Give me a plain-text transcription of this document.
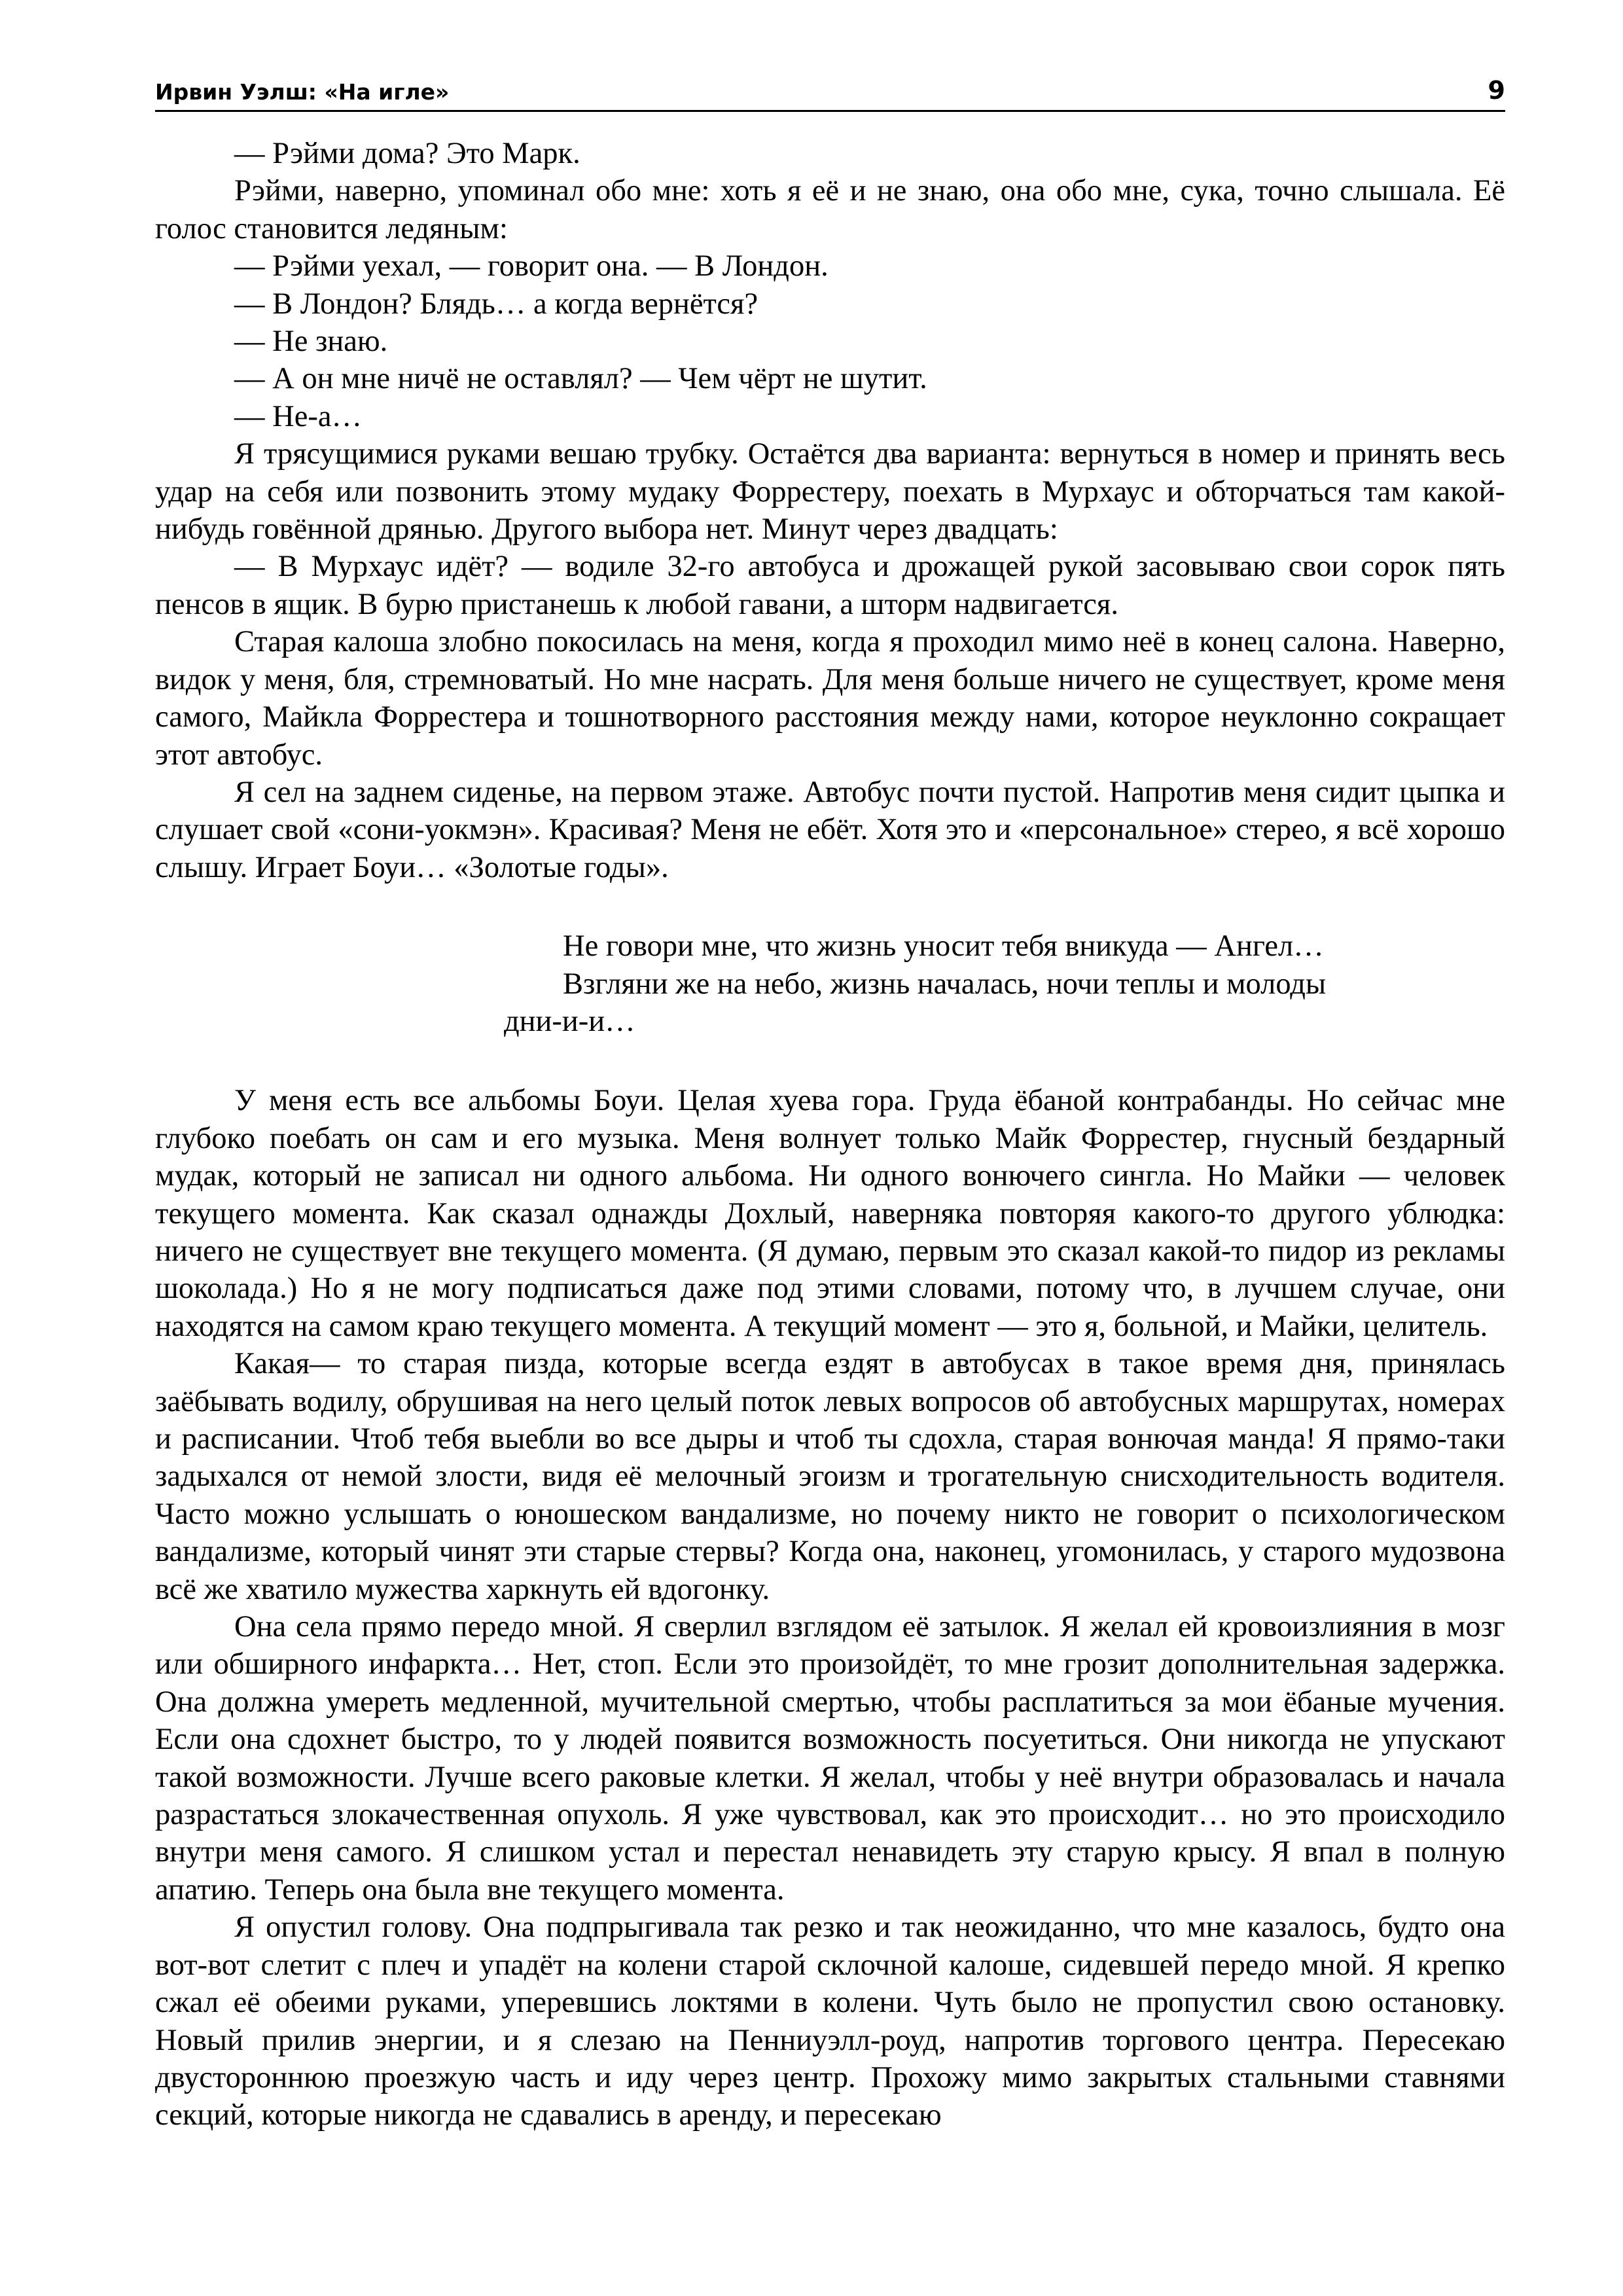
Ирвин Уэлш: «На игле»	9

— Рэйми дома? Это Марк.

Рэйми, наверно, упоминал обо мне: хоть я её и не знаю, она обо мне, сука, точно слышала. Её голос становится ледяным:

— Рэйми уехал, — говорит она. — В Лондон.

— В Лондон? Блядь… а когда вернётся?

— Не знаю.

— А он мне ничё не оставлял? — Чем чёрт не шутит.

— Не-а…

Я трясущимися руками вешаю трубку. Остаётся два варианта: вернуться в номер и принять весь удар на себя или позвонить этому мудаку Форрестеру, поехать в Мурхаус и обторчаться там какой-нибудь говённой дрянью. Другого выбора нет. Минут через двадцать:

— В Мурхаус идёт? — водиле 32-го автобуса и дрожащей рукой засовываю свои сорок пять пенсов в ящик. В бурю пристанешь к любой гавани, а шторм надвигается.

Старая калоша злобно покосилась на меня, когда я проходил мимо неё в конец салона. Наверно, видок у меня, бля, стремноватый. Но мне насрать. Для меня больше ничего не существует, кроме меня самого, Майкла Форрестера и тошнотворного расстояния между нами, которое неуклонно сокращает этот автобус.

Я сел на заднем сиденье, на первом этаже. Автобус почти пустой. Напротив меня сидит цыпка и слушает свой «сони-уокмэн». Красивая? Меня не ебёт. Хотя это и «персональное» стерео, я всё хорошо слышу. Играет Боуи… «Золотые годы».

Не говори мне, что жизнь уносит тебя вникуда — Ангел…

Взгляни же на небо, жизнь началась, ночи теплы и молоды

дни-и-и…

У меня есть все альбомы Боуи. Целая хуева гора. Груда ёбаной контрабанды. Но сейчас мне глубоко поебать он сам и его музыка. Меня волнует только Майк Форрестер, гнусный бездарный мудак, который не записал ни одного альбома. Ни одного вонючего сингла. Но Майки — человек текущего момента. Как сказал однажды Дохлый, наверняка повторяя какого-то другого ублюдка: ничего не существует вне текущего момента. (Я думаю, первым это сказал какой-то пидор из рекламы шоколада.) Но я не могу подписаться даже под этими словами, потому что, в лучшем случае, они находятся на самом краю текущего момента. А текущий момент — это я, больной, и Майки, целитель.

Какая— то старая пизда, которые всегда ездят в автобусах в такое время дня, принялась заёбывать водилу, обрушивая на него целый поток левых вопросов об автобусных маршрутах, номерах и расписании. Чтоб тебя выебли во все дыры и чтоб ты сдохла, старая вонючая манда! Я прямо-таки задыхался от немой злости, видя её мелочный эгоизм и трогательную снисходительность водителя. Часто можно услышать о юношеском вандализме, но почему никто не говорит о психологическом вандализме, который чинят эти старые стервы? Когда она, наконец, угомонилась, у старого мудозвона всё же хватило мужества харкнуть ей вдогонку.

Она села прямо передо мной. Я сверлил взглядом её затылок. Я желал ей кровоизлияния в мозг или обширного инфаркта… Нет, стоп. Если это произойдёт, то мне грозит дополнительная задержка. Она должна умереть медленной, мучительной смертью, чтобы расплатиться за мои ёбаные мучения. Если она сдохнет быстро, то у людей появится возможность посуетиться. Они никогда не упускают такой возможности. Лучше всего раковые клетки. Я желал, чтобы у неё внутри образовалась и начала разрастаться злокачественная опухоль. Я уже чувствовал, как это происходит… но это происходило внутри меня самого. Я слишком устал и перестал ненавидеть эту старую крысу. Я впал в полную апатию. Теперь она была вне текущего момента.

Я опустил голову. Она подпрыгивала так резко и так неожиданно, что мне казалось, будто она вот-вот слетит с плеч и упадёт на колени старой склочной калоше, сидевшей передо мной. Я крепко сжал её обеими руками, уперевшись локтями в колени. Чуть было не пропустил свою остановку. Новый прилив энергии, и я слезаю на Пенниуэлл-роуд, напротив торгового центра. Пересекаю двустороннюю проезжую часть и иду через центр. Прохожу мимо закрытых стальными ставнями секций, которые никогда не сдавались в аренду, и пересекаю
